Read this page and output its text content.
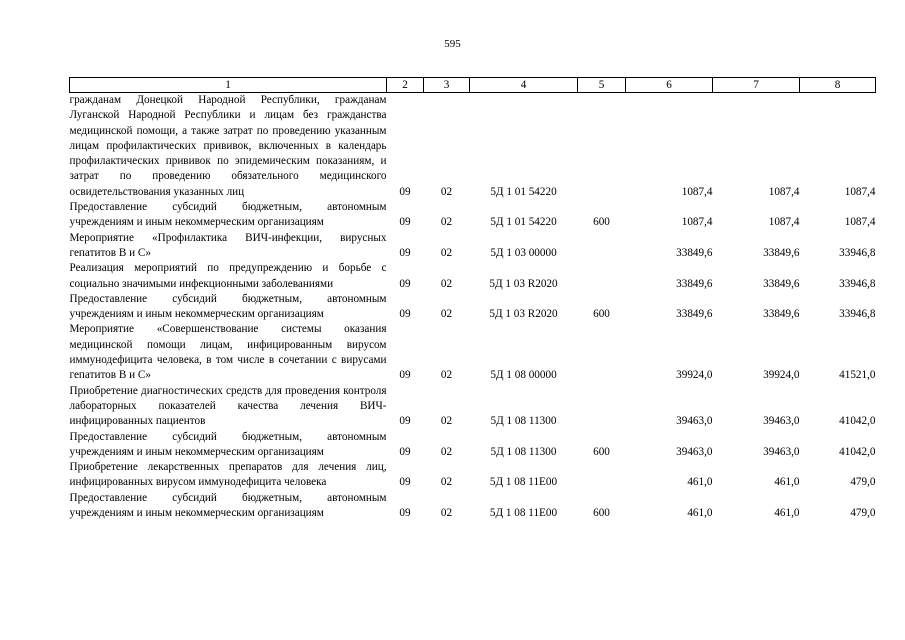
595
1	2	3	4	5	6	7	8
гражданам Донецкой Народной Республики, гражданам Луганской Народной Республики и лицам без гражданства медицинской помощи, а также затрат по проведению указанным лицам профилактических прививок, включенных в календарь профилактических прививок по эпидемическим показаниям, и затрат по проведению обязательного медицинского освидетельствования указанных лиц	09	02	5Д 1 01 54220		1087,4	1087,4	1087,4
Предоставление субсидий бюджетным, автономным учреждениям и иным некоммерческим организациям	09	02	5Д 1 01 54220	600	1087,4	1087,4	1087,4
Мероприятие «Профилактика ВИЧ-инфекции, вирусных гепатитов В и С»	09	02	5Д 1 03 00000		33849,6	33849,6	33946,8
Реализация мероприятий по предупреждению и борьбе с социально значимыми инфекционными заболеваниями	09	02	5Д 1 03 R2020		33849,6	33849,6	33946,8
Предоставление субсидий бюджетным, автономным учреждениям и иным некоммерческим организациям	09	02	5Д 1 03 R2020	600	33849,6	33849,6	33946,8
Мероприятие «Совершенствование системы оказания медицинской помощи лицам, инфицированным вирусом иммунодефицита человека, в том числе в сочетании с вирусами гепатитов В и С»	09	02	5Д 1 08 00000		39924,0	39924,0	41521,0
Приобретение диагностических средств для проведения контроля лабораторных показателей качества лечения ВИЧ-инфицированных пациентов	09	02	5Д 1 08 11300		39463,0	39463,0	41042,0
Предоставление субсидий бюджетным, автономным учреждениям и иным некоммерческим организациям	09	02	5Д 1 08 11300	600	39463,0	39463,0	41042,0
Приобретение лекарственных препаратов для лечения лиц, инфицированных вирусом иммунодефицита человека	09	02	5Д 1 08 11Е00		461,0	461,0	479,0
Предоставление субсидий бюджетным, автономным учреждениям и иным некоммерческим организациям	09	02	5Д 1 08 11Е00	600	461,0	461,0	479,0
